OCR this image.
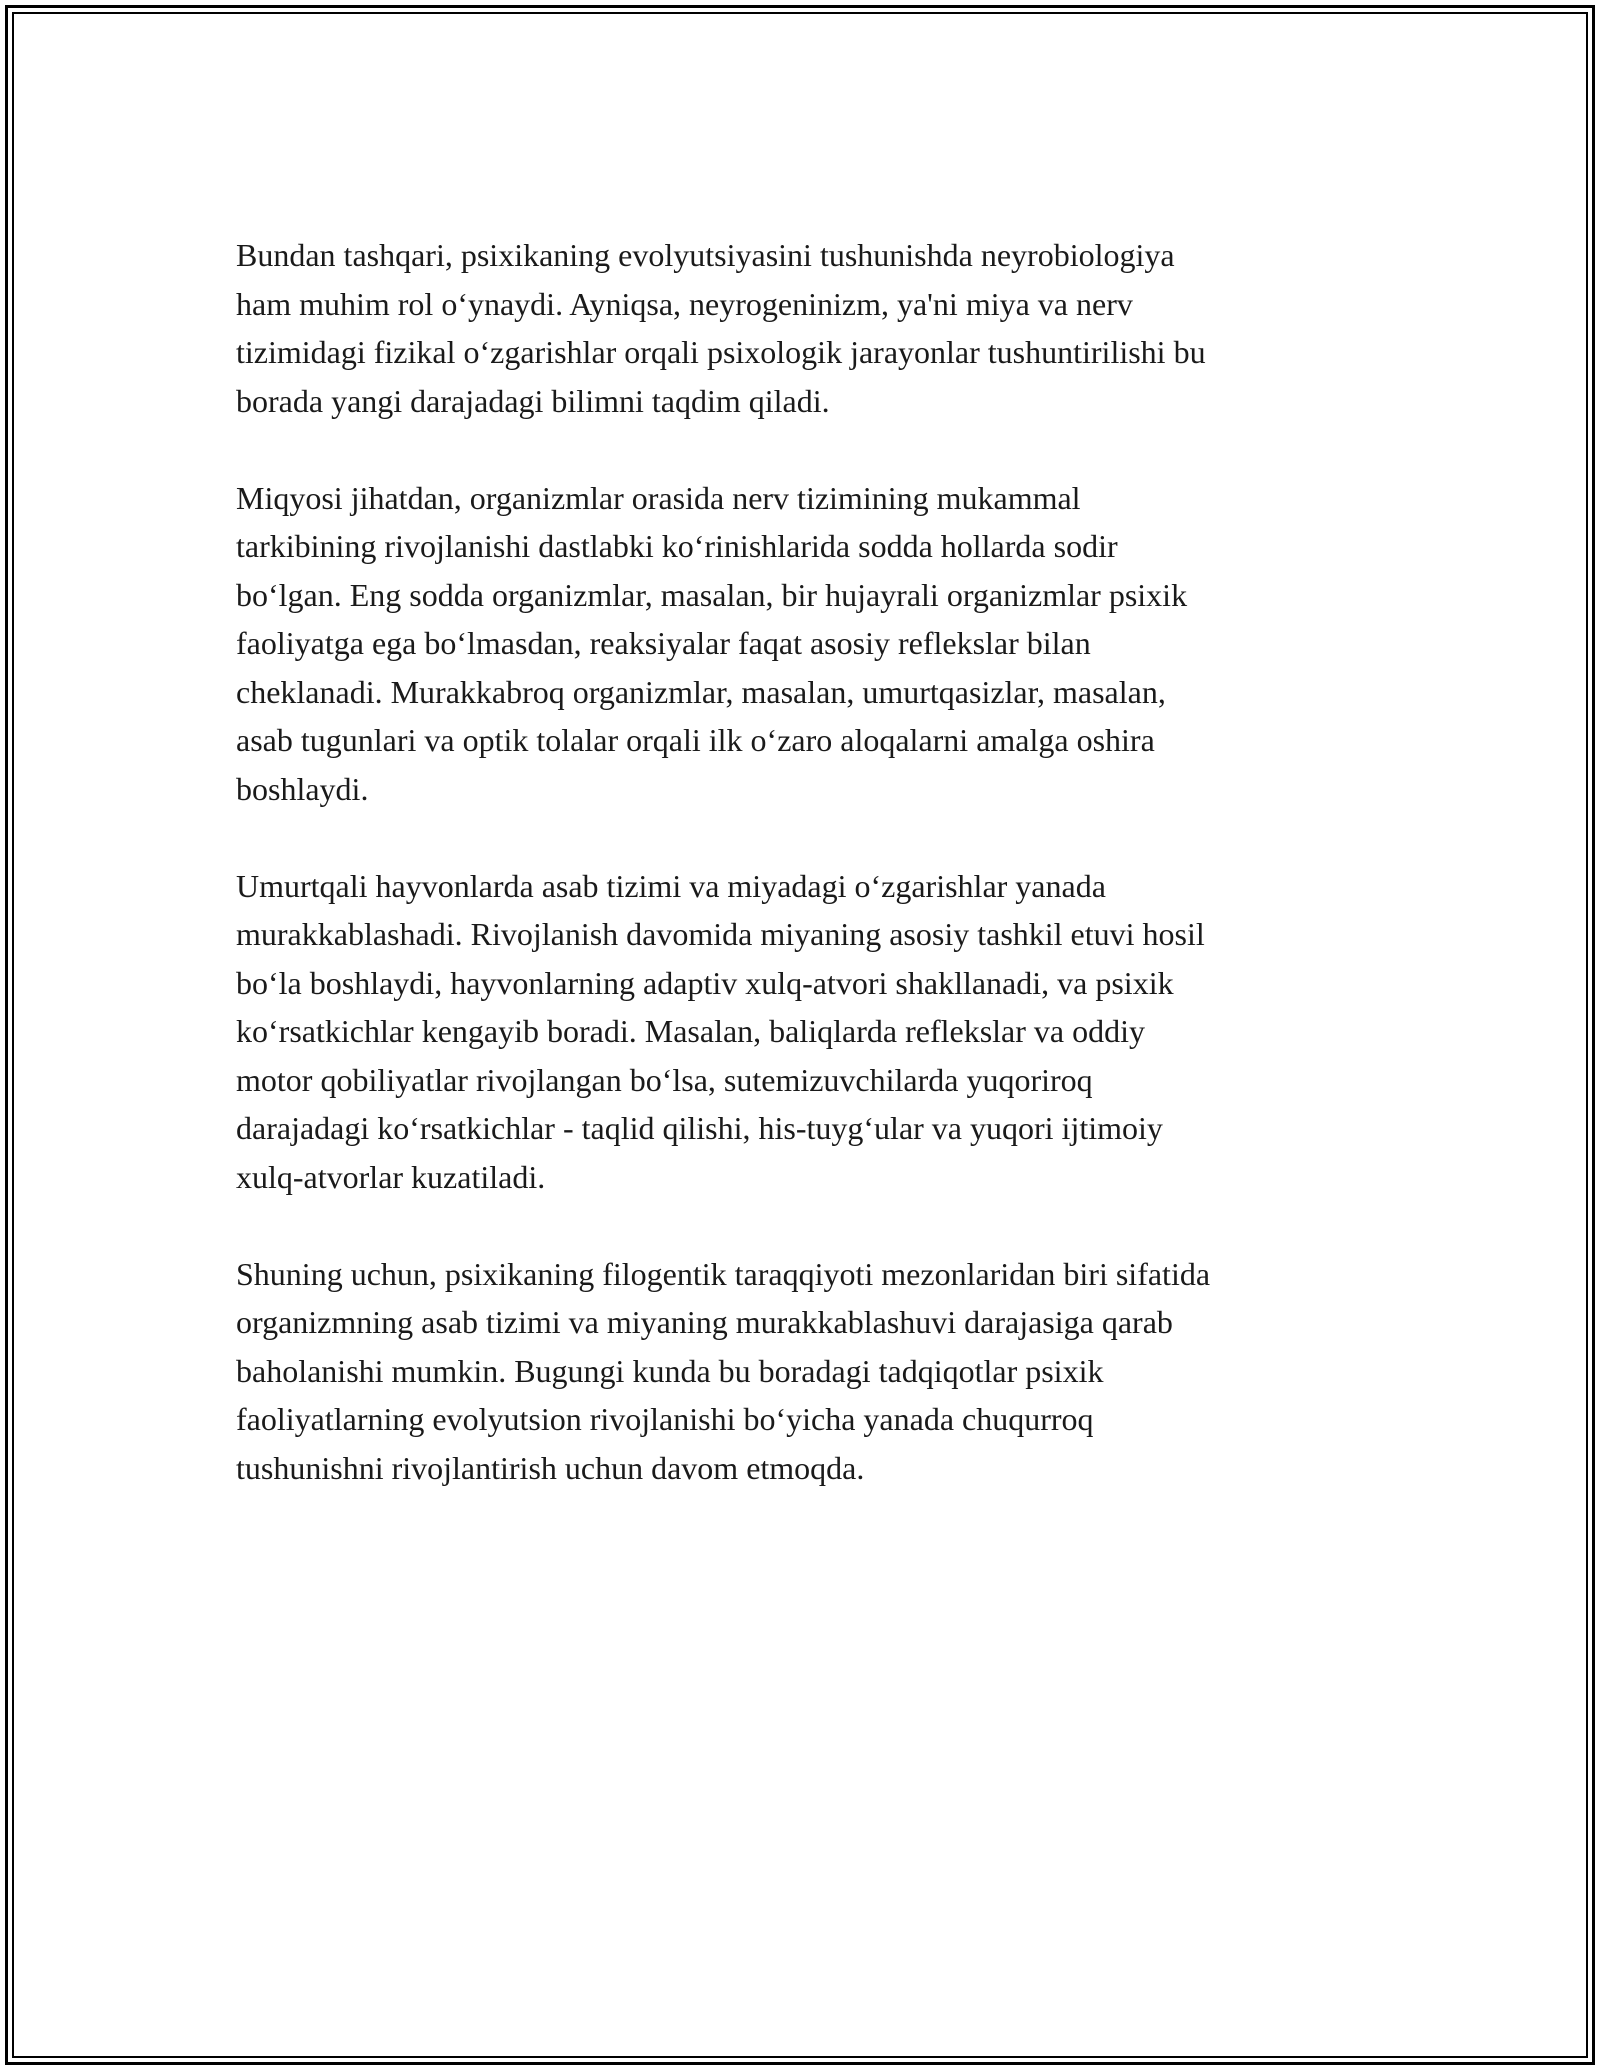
Bundan tashqari, psixikaning evolyutsiyasini tushunishda neyrobiologiya
ham muhim rol o‘ynaydi. Ayniqsa, neyrogeninizm, ya'ni miya va nerv
tizimidagi fizikal o‘zgarishlar orqali psixologik jarayonlar tushuntirilishi bu
borada yangi darajadagi bilimni taqdim qiladi.

Miqyosi jihatdan, organizmlar orasida nerv tizimining mukammal
tarkibining rivojlanishi dastlabki ko‘rinishlarida sodda hollarda sodir
bo‘lgan. Eng sodda organizmlar, masalan, bir hujayrali organizmlar psixik
faoliyatga ega bo‘lmasdan, reaksiyalar faqat asosiy reflekslar bilan
cheklanadi. Murakkabroq organizmlar, masalan, umurtqasizlar, masalan,
asab tugunlari va optik tolalar orqali ilk o‘zaro aloqalarni amalga oshira
boshlaydi.

Umurtqali hayvonlarda asab tizimi va miyadagi o‘zgarishlar yanada
murakkablashadi. Rivojlanish davomida miyaning asosiy tashkil etuvi hosil
bo‘la boshlaydi, hayvonlarning adaptiv xulq-atvori shakllanadi, va psixik
ko‘rsatkichlar kengayib boradi. Masalan, baliqlarda reflekslar va oddiy
motor qobiliyatlar rivojlangan bo‘lsa, sutemizuvchilarda yuqoriroq
darajadagi ko‘rsatkichlar - taqlid qilishi, his-tuyg‘ular va yuqori ijtimoiy
xulq-atvorlar kuzatiladi.

Shuning uchun, psixikaning filogentik taraqqiyoti mezonlaridan biri sifatida
organizmning asab tizimi va miyaning murakkablashuvi darajasiga qarab
baholanishi mumkin. Bugungi kunda bu boradagi tadqiqotlar psixik
faoliyatlarning evolyutsion rivojlanishi bo‘yicha yanada chuqurroq
tushunishni rivojlantirish uchun davom etmoqda.
